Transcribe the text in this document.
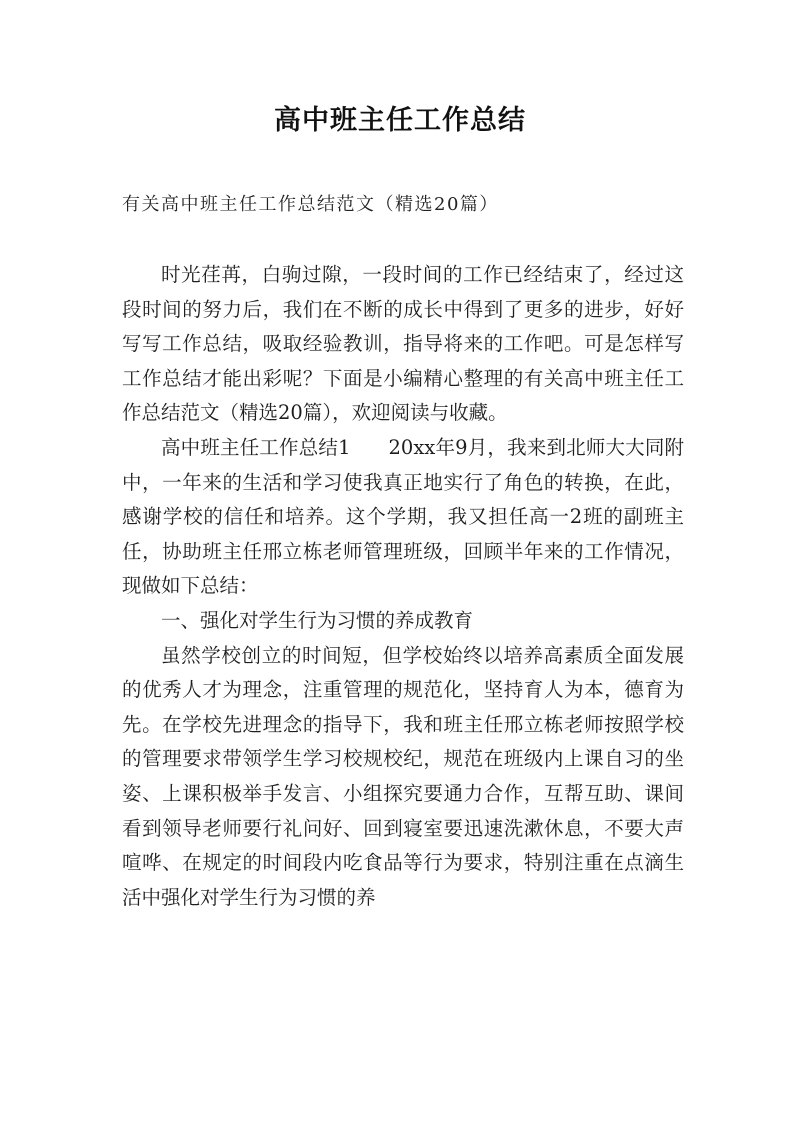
高中班主任工作总结
有关高中班主任工作总结范文（精选20篇）

时光荏苒，白驹过隙，一段时间的工作已经结束了，经过这段时间的努力后，我们在不断的成长中得到了更多的进步，好好写写工作总结，吸取经验教训，指导将来的工作吧。可是怎样写工作总结才能出彩呢？下面是小编精心整理的有关高中班主任工作总结范文（精选20篇），欢迎阅读与收藏。

高中班主任工作总结1 20xx年9月，我来到北师大大同附中，一年来的生活和学习使我真正地实行了角色的转换，在此，感谢学校的信任和培养。这个学期，我又担任高一2班的副班主任，协助班主任邢立栋老师管理班级，回顾半年来的工作情况，现做如下总结：

一、强化对学生行为习惯的养成教育

虽然学校创立的时间短，但学校始终以培养高素质全面发展的优秀人才为理念，注重管理的规范化，坚持育人为本，德育为先。在学校先进理念的指导下，我和班主任邢立栋老师按照学校的管理要求带领学生学习校规校纪，规范在班级内上课自习的坐姿、上课积极举手发言、小组探究要通力合作，互帮互助、课间看到领导老师要行礼问好、回到寝室要迅速洗漱休息，不要大声喧哗、在规定的时间段内吃食品等行为要求，特别注重在点滴生活中强化对学生行为习惯的养
